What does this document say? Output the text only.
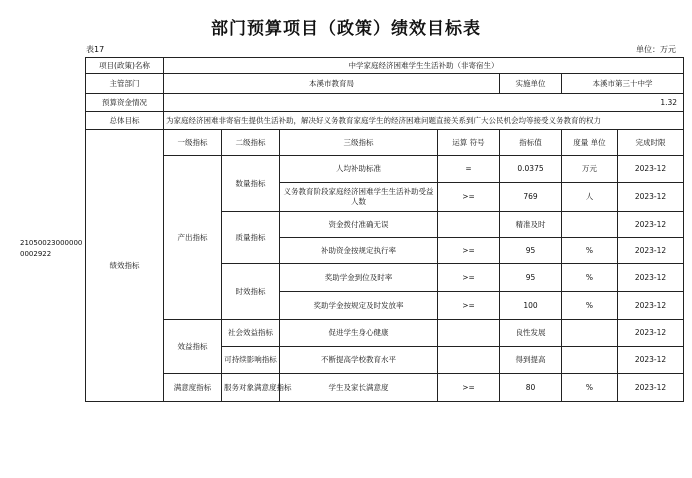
部门预算项目（政策）绩效目标表
表17	单位：万元
210500230000000002922
项目(政策)名称	中学家庭经济困难学生生活补助（非寄宿生）						
主管部门	本溪市教育局				实施单位	本溪市第三十中学	
预算资金情况	1.32						
总体目标	为家庭经济困难非寄宿生提供生活补助，解决好义务教育家庭学生的经济困难问题直接关系到广大公民机会均等接受义务教育的权力						
绩效指标	一级指标	二级指标	三级指标	运算 符号	指标值	度量 单位	完成时限
	产出指标	数量指标	人均补助标准	=	0.0375	万元	2023-12
			义务教育阶段家庭经济困难学生生活补助受益人数	>=	769	人	2023-12
		质量指标	资金拨付准确无误		精准及时		2023-12
			补助资金按规定执行率	>=	95	%	2023-12
		时效指标	奖助学金到位及时率	>=	95	%	2023-12
			奖助学金按规定及时发放率	>=	100	%	2023-12
	效益指标	社会效益指标	促进学生身心健康		良性发展		2023-12
		可持续影响指标	不断提高学校教育水平		得到提高		2023-12
	满意度指标	服务对象满意度指标	学生及家长满意度	>=	80	%	2023-12
